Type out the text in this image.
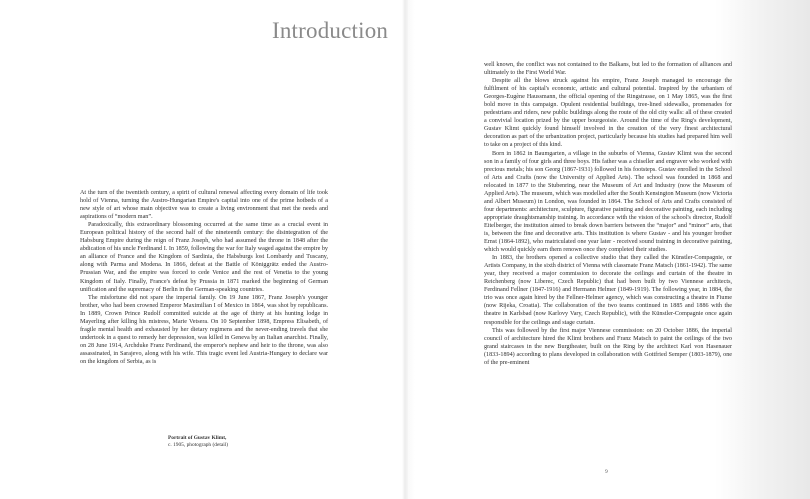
Introduction

At the turn of the twentieth century, a spirit of cultural renewal affecting every domain of life took hold of Vienna, turning the Austro-Hungarian Empire's capital into one of the prime hotbeds of a new style of art whose main objective was to create a living environment that met the needs and aspirations of “modern man”.

Paradoxically, this extraordinary blossoming occurred at the same time as a crucial event in European political history of the second half of the nineteenth century: the disintegration of the Habsburg Empire during the reign of Franz Joseph, who had assumed the throne in 1848 after the abdication of his uncle Ferdinand I. In 1859, following the war for Italy waged against the empire by an alliance of France and the Kingdom of Sardinia, the Habsburgs lost Lombardy and Tuscany, along with Parma and Modena. In 1866, defeat at the Battle of Königgrätz ended the Austro-Prussian War, and the empire was forced to cede Venice and the rest of Venetia to the young Kingdom of Italy. Finally, France's defeat by Prussia in 1871 marked the beginning of German unification and the supremacy of Berlin in the German-speaking countries.

The misfortune did not spare the imperial family. On 19 June 1867, Franz Joseph's younger brother, who had been crowned Emperor Maximilian I of Mexico in 1864, was shot by republicans. In 1889, Crown Prince Rudolf committed suicide at the age of thirty at his hunting lodge in Mayerling after killing his mistress, Marie Vetsera. On 10 September 1898, Empress Elisabeth, of fragile mental health and exhausted by her dietary regimens and the never-ending travels that she undertook in a quest to remedy her depression, was killed in Geneva by an Italian anarchist. Finally, on 28 June 1914, Archduke Franz Ferdinand, the emperor's nephew and heir to the throne, was also assassinated, in Sarajevo, along with his wife. This tragic event led Austria-Hungary to declare war on the kingdom of Serbia, as is

Portrait of Gustav Klimt,
c. 1905, photograph (detail)

well known, the conflict was not contained to the Balkans, but led to the formation of alliances and ultimately to the First World War.

Despite all the blows struck against his empire, Franz Joseph managed to encourage the fulfilment of his capital's economic, artistic and cultural potential. Inspired by the urbanism of Georges-Eugène Haussmann, the official opening of the Ringstrasse, on 1 May 1865, was the first bold move in this campaign. Opulent residential buildings, tree-lined sidewalks, promenades for pedestrians and riders, new public buildings along the route of the old city walls: all of these created a convivial location prized by the upper bourgeoisie. Around the time of the Ring's development, Gustav Klimt quickly found himself involved in the creation of the very finest architectural decoration as part of the urbanization project, particularly because his studies had prepared him well to take on a project of this kind.

Born in 1862 in Baumgarten, a village in the suburbs of Vienna, Gustav Klimt was the second son in a family of four girls and three boys. His father was a chiseller and engraver who worked with precious metals; his son Georg (1867-1931) followed in his footsteps. Gustav enrolled in the School of Arts and Crafts (now the University of Applied Arts). The school was founded in 1868 and relocated in 1877 to the Stubenring, near the Museum of Art and Industry (now the Museum of Applied Arts). The museum, which was modelled after the South Kensington Museum (now Victoria and Albert Museum) in London, was founded in 1864. The School of Arts and Crafts consisted of four departments: architecture, sculpture, figurative painting and decorative painting, each including appropriate draughtsmanship training. In accordance with the vision of the school's director, Rudolf Eitelberger, the institution aimed to break down barriers between the “major” and “minor” arts, that is, between the fine and decorative arts. This institution is where Gustav - and his younger brother Ernst (1864-1892), who matriculated one year later - received sound training in decorative painting, which would quickly earn them renown once they completed their studies.

In 1883, the brothers opened a collective studio that they called the Künstler-Compagnie, or Artists Company, in the sixth district of Vienna with classmate Franz Matsch (1861-1942). The same year, they received a major commission to decorate the ceilings and curtain of the theatre in Reichenberg (now Liberec, Czech Republic) that had been built by two Viennese architects, Ferdinand Fellner (1847-1916) and Hermann Helmer (1849-1919). The following year, in 1884, the trio was once again hired by the Fellner-Helmer agency, which was constructing a theatre in Fiume (now Rijeka, Croatia). The collaboration of the two teams continued in 1885 and 1886 with the theatre in Karlsbad (now Karlovy Vary, Czech Republic), with the Künstler-Compagnie once again responsible for the ceilings and stage curtain.

This was followed by the first major Viennese commission: on 20 October 1886, the imperial council of architecture hired the Klimt brothers and Franz Matsch to paint the ceilings of the two grand staircases in the new Burgtheater, built on the Ring by the architect Karl von Hasenauer (1833-1894) according to plans developed in collaboration with Gottfried Semper (1803-1879), one of the pre-eminent

9
